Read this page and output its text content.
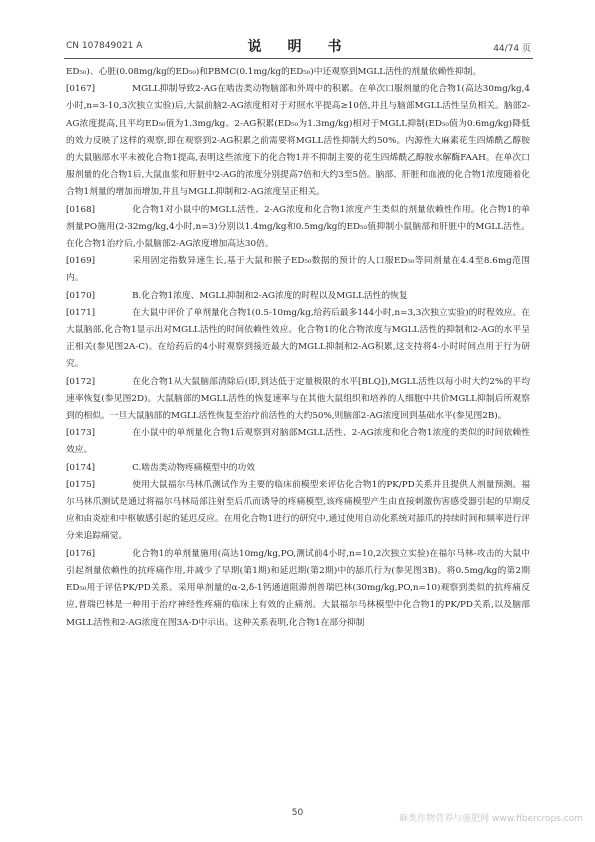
CN 107849021 A	说　明　书	44/74 页

ED₅₀)、心脏(0.08mg/kg的ED₅₀)和PBMC(0.1mg/kg的ED₅₀)中还观察到MGLL活性的剂量依赖性抑制。

[0167]	MGLL抑制导致2-AG在啮齿类动物脑部和外周中的积累。在单次口服剂量的化合物1(高达30mg/kg,4小时,n=3-10,3次独立实验)后,大鼠前脑2-AG浓度相对于对照水平提高≥10倍,并且与脑部MGLL活性呈负相关。脑部2-AG浓度提高,且平均ED₅₀值为1.3mg/kg。2-AG积累(ED₅₀为1.3mg/kg)相对于MGLL抑制(ED₅₀值为0.6mg/kg)降低的效力反映了这样的观察,即在观察到2-AG积累之前需要将MGLL活性抑制大约50%。内源性大麻素花生四烯酰乙醇胺的大鼠脑部水平未被化合物1提高,表明这些浓度下的化合物1并不抑制主要的花生四烯酰乙醇胺水解酶FAAH。在单次口服剂量的化合物1后,大鼠血浆和肝脏中2-AG的浓度分别提高7倍和大约3至5倍。脑部、肝脏和血液的化合物1浓度随着化合物1剂量的增加而增加,并且与MGLL抑制和2-AG浓度呈正相关。

[0168]	化合物1对小鼠中的MGLL活性、2-AG浓度和化合物1浓度产生类似的剂量依赖性作用。化合物1的单剂量PO施用(2-32mg/kg,4小时,n=3)分别以1.4mg/kg和0.5mg/kg的ED₅₀值抑制小鼠脑部和肝脏中的MGLL活性。在化合物1治疗后,小鼠脑部2-AG浓度增加高达30倍。

[0169]	采用固定指数异速生长,基于大鼠和猴子ED₅₀数据的预计的人口服ED₅₀等同剂量在4.4至8.6mg范围内。

[0170]	B.化合物1浓度、MGLL抑制和2-AG浓度的时程以及MGLL活性的恢复

[0171]	在大鼠中评价了单剂量化合物1(0.5-10mg/kg,给药后最多144小时,n=3,3次独立实验)的时程效应。在大鼠脑部,化合物1显示出对MGLL活性的时间依赖性效应。化合物1的化合物浓度与MGLL活性的抑制和2-AG的水平呈正相关(参见图2A-C)。在给药后的4小时观察到接近最大的MGLL抑制和2-AG积累,这支持将4-小时时间点用于行为研究。

[0172]	在化合物1从大鼠脑部清除后(即,到达低于定量极限的水平[BLQ]),MGLL活性以每小时大约2%的平均速率恢复(参见图2D)。大鼠脑部的MGLL活性的恢复速率与在其他大鼠组织和培养的人细胞中共价MGLL抑制后所观察到的相似。一旦大鼠脑部的MGLL活性恢复至治疗前活性的大约50%,则脑部2-AG浓度回到基础水平(参见图2B)。

[0173]	在小鼠中的单剂量化合物1后观察到对脑部MGLL活性、2-AG浓度和化合物1浓度的类似的时间依赖性效应。

[0174]	C.啮齿类动物疼痛模型中的功效

[0175]	使用大鼠福尔马林爪测试作为主要的临床前模型来评估化合物1的PK/PD关系并且提供人剂量预测。福尔马林爪测试是通过将福尔马林局部注射至后爪而诱导的疼痛模型,该疼痛模型产生由直接刺激伤害感受器引起的早期反应和由炎症和中枢敏感引起的延迟反应。在用化合物1进行的研究中,通过使用自动化系统对舔爪的持续时间和频率进行评分来追踪痛觉。

[0176]	化合物1的单剂量施用(高达10mg/kg,PO,测试前4小时,n=10,2次独立实验)在福尔马林-攻击的大鼠中引起剂量依赖性的抗疼痛作用,并减少了早期(第1期)和延迟期(第2期)中的舔爪行为(参见图3B)。将0.5mg/kg的第2期ED₅₀用于评估PK/PD关系。采用单剂量的α-2,δ-1钙通道阻滞剂普瑞巴林(30mg/kg,PO,n=10)观察到类似的抗疼痛反应,普瑞巴林是一种用于治疗神经性疼痛的临床上有效的止痛剂。大鼠福尔马林模型中化合物1的PK/PD关系,以及脑部MGLL活性和2-AG浓度在图3A-D中示出。这种关系表明,化合物1在部分抑制

50
麻类作物营养与施肥网 www.fibercrops.com
